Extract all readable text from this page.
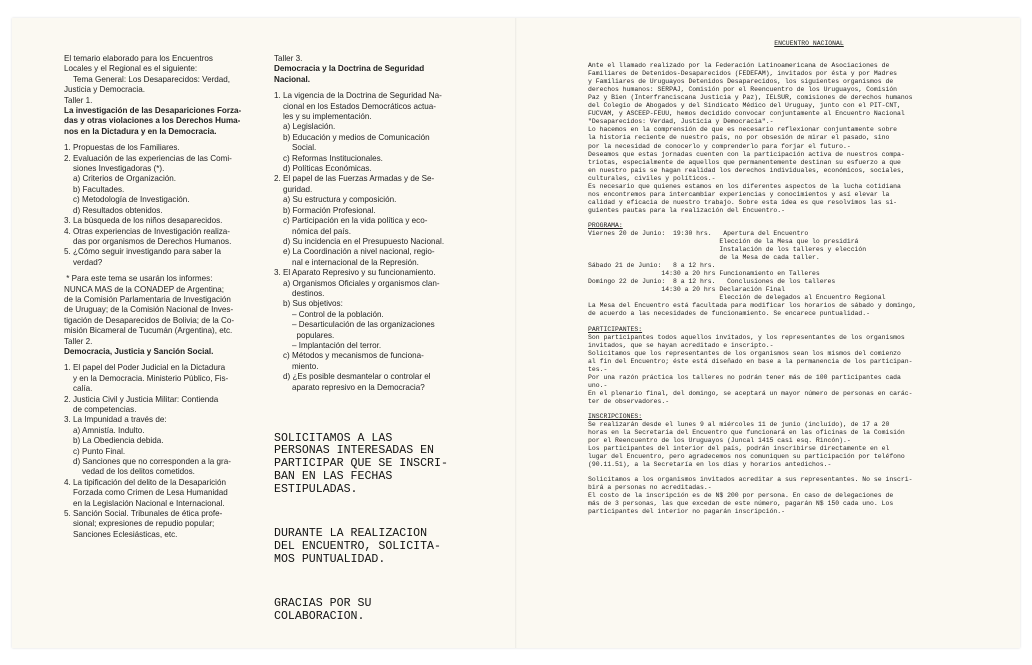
El temario elaborado para los Encuentros
Locales y el Regional es el siguiente:

Tema General: Los Desaparecidos: Verdad,
Justicia y Democracia.

Taller 1.

La investigación de las Desapariciones Forza-
das y otras violaciones a los Derechos Huma-
nos en la Dictadura y en la Democracia.

1. Propuestas de los Familiares.
2. Evaluación de las experiencias de las Comi-
siones Investigadoras (*).
a) Criterios de Organización.
b) Facultades.
c) Metodología de Investigación.
d) Resultados obtenidos.
3. La búsqueda de los niños desaparecidos.
4. Otras experiencias de Investigación realiza-
das por organismos de Derechos Humanos.
5. ¿Cómo seguir investigando para saber la
verdad?

* Para este tema se usarán los informes:
NUNCA MAS de la CONADEP de Argentina;
de la Comisión Parlamentaria de Investigación
de Uruguay; de la Comisión Nacional de Inves-
tigación de Desaparecidos de Bolivia; de la Co-
misión Bicameral de Tucumán (Argentina), etc.

Taller 2.

Democracia, Justicia y Sanción Social.

1. El papel del Poder Judicial en la Dictadura
y en la Democracia. Ministerio Público, Fis-
calía.
2. Justicia Civil y Justicia Militar: Contienda
de competencias.
3. La Impunidad a través de:
a) Amnistía. Indulto.
b) La Obediencia debida.
c) Punto Final.
d) Sanciones que no corresponden a la gra-
vedad de los delitos cometidos.
4. La tipificación del delito de la Desaparición
Forzada como Crimen de Lesa Humanidad
en la Legislación Nacional e Internacional.
5. Sanción Social. Tribunales de ética profe-
sional; expresiones de repudio popular;
Sanciones Eclesiásticas, etc.

Taller 3.

Democracia y la Doctrina de Seguridad
Nacional.

1. La vigencia de la Doctrina de Seguridad Na-
cional en los Estados Democráticos actua-
les y su implementación.
a) Legislación.
b) Educación y medios de Comunicación
Social.
c) Reformas Institucionales.
d) Políticas Económicas.
2. El papel de las Fuerzas Armadas y de Se-
guridad.
a) Su estructura y composición.
b) Formación Profesional.
c) Participación en la vida política y eco-
nómica del país.
d) Su incidencia en el Presupuesto Nacional.
e) La Coordinación a nivel nacional, regio-
nal e internacional de la Represión.
3. El Aparato Represivo y su funcionamiento.
a) Organismos Oficiales y organismos clan-
destinos.
b) Sus objetivos:
– Control de la población.
– Desarticulación de las organizaciones
populares.
– Implantación del terror.
c) Métodos y mecanismos de funciona-
miento.
d) ¿Es posible desmantelar o controlar el
aparato represivo en la Democracia?

SOLICITAMOS A LAS
PERSONAS INTERESADAS EN
PARTICIPAR QUE SE INSCRI-
BAN EN LAS FECHAS
ESTIPULADAS.

DURANTE LA REALIZACION
DEL ENCUENTRO, SOLICITA-
MOS PUNTUALIDAD.

GRACIAS POR SU
COLABORACION.

ENCUENTRO NACIONAL

Ante el llamado realizado por la Federación Latinoamericana de Asociaciones de
Familiares de Detenidos-Desaparecidos (FEDEFAM), invitados por ésta y por Madres
y Familiares de Uruguayos Detenidos Desaparecidos, los siguientes organismos de
derechos humanos: SERPAJ, Comisión por el Reencuentro de los Uruguayos, Comisión
Paz y Bien (Interfranciscana Justicia y Paz), IELSUR, comisiones de derechos humanos
del Colegio de Abogados y del Sindicato Médico del Uruguay, junto con el PIT-CNT,
FUCVAM, y ASCEEP-FEUU, hemos decidido convocar conjuntamente al Encuentro Nacional
"Desaparecidos: Verdad, Justicia y Democracia".-
Lo hacemos en la comprensión de que es necesario reflexionar conjuntamente sobre
la historia reciente de nuestro país, no por obsesión de mirar el pasado, sino
por la necesidad de conocerlo y comprenderlo para forjar el futuro.-
Deseamos que estas jornadas cuenten con la participación activa de nuestros compa-
triotas, especialmente de aquellos que permanentemente destinan su esfuerzo a que
en nuestro país se hagan realidad los derechos individuales, económicos, sociales,
culturales, civiles y políticos.-
Es necesario que quienes estamos en los diferentes aspectos de la lucha cotidiana
nos encontremos para intercambiar experiencias y conocimientos y así elevar la
calidad y eficacia de nuestro trabajo. Sobre esta idea es que resolvimos las si-
guientes pautas para la realización del Encuentro.-

PROGRAMA:

Viernes 20 de Junio:  19:30 hrs.   Apertura del Encuentro
Elección de la Mesa que lo presidirá
Instalación de los talleres y elección
de la Mesa de cada taller.
Sábado 21 de Junio:   8 a 12 hrs.
14:30 a 20 hrs Funcionamiento en Talleres
Domingo 22 de Junio:  8 a 12 hrs.   Conclusiones de los talleres
14:30 a 20 hrs Declaración Final
Elección de delegados al Encuentro Regional
La Mesa del Encuentro está facultada para modificar los horarios de sábado y domingo,
de acuerdo a las necesidades de funcionamiento. Se encarece puntualidad.-

PARTICIPANTES:

Son participantes todos aquellos invitados, y los representantes de los organismos
invitados, que se hayan acreditado e inscripto.-
Solicitamos que los representantes de los organismos sean los mismos del comienzo
al fin del Encuentro; éste está diseñado en base a la permanencia de los participan-
tes.-
Por una razón práctica los talleres no podrán tener más de 100 participantes cada
uno.-
En el plenario final, del domingo, se aceptará un mayor número de personas en carác-
ter de observadores.-

INSCRIPCIONES:

Se realizarán desde el lunes 9 al miércoles 11 de junio (incluído), de 17 a 20
horas en la Secretaría del Encuentro que funcionará en las oficinas de la Comisión
por el Reencuentro de los Uruguayos (Juncal 1415 casi esq. Rincón).-
Los participantes del interior del país, podrán inscribirse directamente en el
lugar del Encuentro, pero agradecemos nos comuniquen su participación por teléfono
(90.11.51), a la Secretaría en los días y horarios antedichos.-

Solicitamos a los organismos invitados acreditar a sus representantes. No se inscri-
birá a personas no acreditadas.-
El costo de la inscripción es de N$ 200 por persona. En caso de delegaciones de
más de 3 personas, las que excedan de este número, pagarán N$ 150 cada uno. Los
participantes del interior no pagarán inscripción.-
